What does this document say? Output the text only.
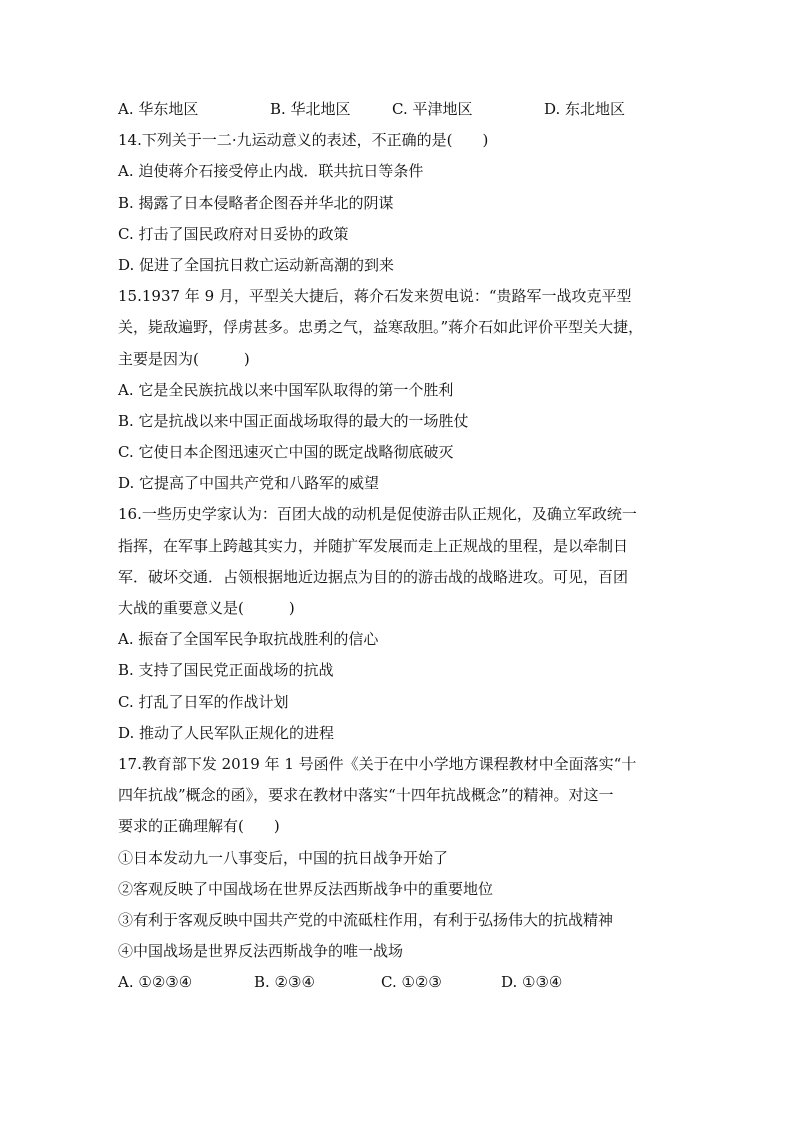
A. 华东地区	B. 华北地区	C. 平津地区	D. 东北地区
14.下列关于一二·九运动意义的表述，不正确的是(　　)
A. 迫使蒋介石接受停止内战．联共抗日等条件
B. 揭露了日本侵略者企图吞并华北的阴谋
C. 打击了国民政府对日妥协的政策
D. 促进了全国抗日救亡运动新高潮的到来
15.1937 年 9 月，平型关大捷后，蒋介石发来贺电说：“贵路军一战攻克平型
关，毙敌遍野，俘虏甚多。忠勇之气，益寒敌胆。”蒋介石如此评价平型关大捷，
主要是因为(　　　)
A. 它是全民族抗战以来中国军队取得的第一个胜利
B. 它是抗战以来中国正面战场取得的最大的一场胜仗
C. 它使日本企图迅速灭亡中国的既定战略彻底破灭
D. 它提高了中国共产党和八路军的威望
16.一些历史学家认为：百团大战的动机是促使游击队正规化，及确立军政统一
指挥，在军事上跨越其实力，并随扩军发展而走上正规战的里程，是以牵制日
军．破坏交通．占领根据地近边据点为目的的游击战的战略进攻。可见，百团
大战的重要意义是(　　　)
A. 振奋了全国军民争取抗战胜利的信心
B. 支持了国民党正面战场的抗战
C. 打乱了日军的作战计划
D. 推动了人民军队正规化的进程
17.教育部下发 2019 年 1 号函件《关于在中小学地方课程教材中全面落实“十
四年抗战”概念的函》，要求在教材中落实“十四年抗战概念”的精神。对这一
要求的正确理解有(　　)
①日本发动九一八事变后，中国的抗日战争开始了
②客观反映了中国战场在世界反法西斯战争中的重要地位
③有利于客观反映中国共产党的中流砥柱作用，有利于弘扬伟大的抗战精神
④中国战场是世界反法西斯战争的唯一战场
A. ①②③④	B. ②③④	C. ①②③	D. ①③④
